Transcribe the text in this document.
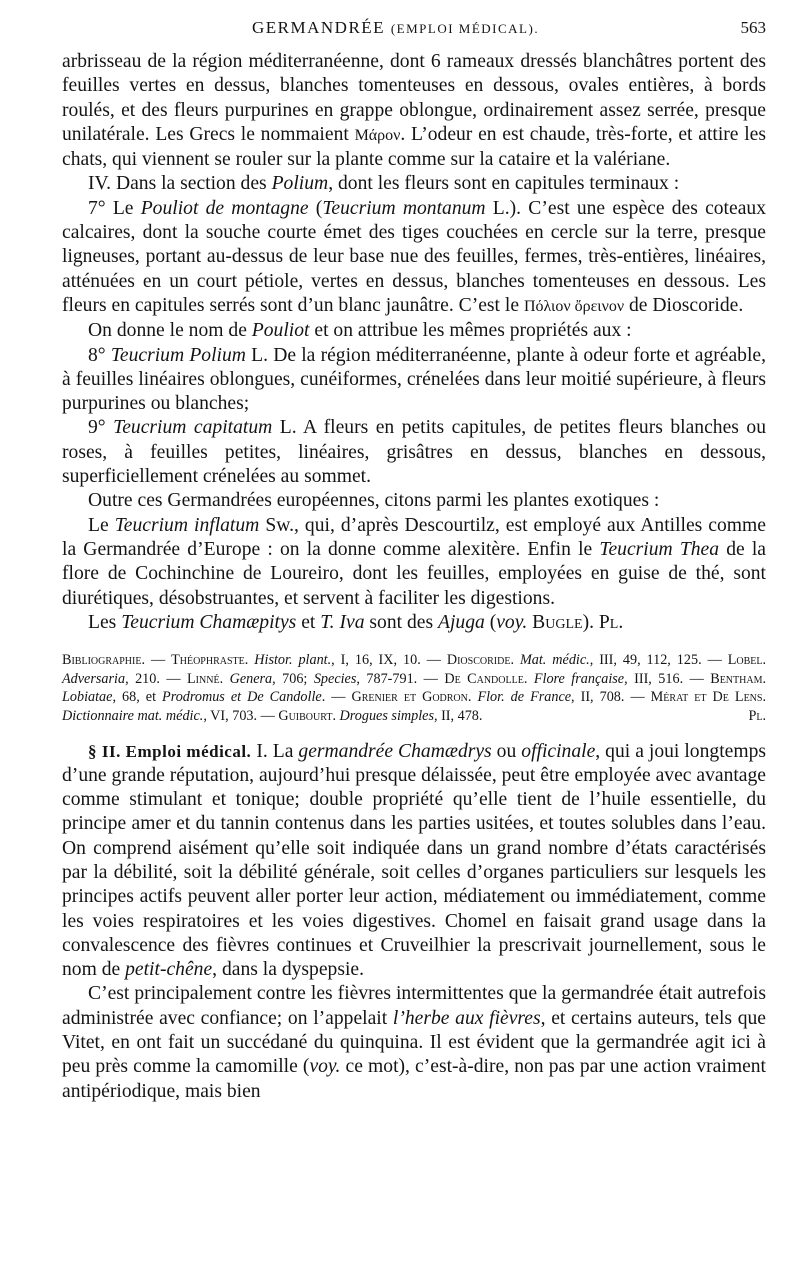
GERMANDRÉE (EMPLOI MÉDICAL).	563

arbrisseau de la région méditerranéenne, dont 6 rameaux dressés blanchâtres portent des feuilles vertes en dessus, blanches tomenteuses en dessous, ovales entières, à bords roulés, et des fleurs purpurines en grappe oblongue, ordinairement assez serrée, presque unilatérale. Les Grecs le nommaient Μάρον. L’odeur en est chaude, très-forte, et attire les chats, qui viennent se rouler sur la plante comme sur la cataire et la valériane.

IV. Dans la section des Polium, dont les fleurs sont en capitules terminaux :

7° Le Pouliot de montagne (Teucrium montanum L.). C’est une espèce des coteaux calcaires, dont la souche courte émet des tiges couchées en cercle sur la terre, presque ligneuses, portant au-dessus de leur base nue des feuilles, fermes, très-entières, linéaires, atténuées en un court pétiole, vertes en dessus, blanches tomenteuses en dessous. Les fleurs en capitules serrés sont d’un blanc jaunâtre. C’est le Πόλιον ὄρεινον de Dioscoride.

On donne le nom de Pouliot et on attribue les mêmes propriétés aux :

8° Teucrium Polium L. De la région méditerranéenne, plante à odeur forte et agréable, à feuilles linéaires oblongues, cunéiformes, crénelées dans leur moitié supérieure, à fleurs purpurines ou blanches;

9° Teucrium capitatum L. A fleurs en petits capitules, de petites fleurs blanches ou roses, à feuilles petites, linéaires, grisâtres en dessus, blanches en dessous, superficiellement crénelées au sommet.

Outre ces Germandrées européennes, citons parmi les plantes exotiques :

Le Teucrium inflatum Sw., qui, d’après Descourtilz, est employé aux Antilles comme la Germandrée d’Europe : on la donne comme alexitère. Enfin le Teucrium Thea de la flore de Cochinchine de Loureiro, dont les feuilles, employées en guise de thé, sont diurétiques, désobstruantes, et servent à faciliter les digestions.

Les Teucrium Chamæpitys et T. Iva sont des Ajuga (voy. Bugle). Pl.

Bibliographie. — Théophraste. Histor. plant., I, 16, IX, 10. — Dioscoride. Mat. médic., III, 49, 112, 125. — Lobel. Adversaria, 210. — Linné. Genera, 706; Species, 787-791. — De Candolle. Flore française, III, 516. — Bentham. Lobiatae, 68, et Prodromus et De Candolle. — Grenier et Godron. Flor. de France, II, 708. — Mérat et De Lens. Dictionnaire mat. médic., VI, 703. — Guibourt. Drogues simples, II, 478.	Pl.

§ II. Emploi médical. I. La germandrée Chamædrys ou officinale, qui a joui longtemps d’une grande réputation, aujourd’hui presque délaissée, peut être employée avec avantage comme stimulant et tonique; double propriété qu’elle tient de l’huile essentielle, du principe amer et du tannin contenus dans les parties usitées, et toutes solubles dans l’eau. On comprend aisément qu’elle soit indiquée dans un grand nombre d’états caractérisés par la débilité, soit la débilité générale, soit celles d’organes particuliers sur lesquels les principes actifs peuvent aller porter leur action, médiatement ou immédiatement, comme les voies respiratoires et les voies digestives. Chomel en faisait grand usage dans la convalescence des fièvres continues et Cruveilhier la prescrivait journellement, sous le nom de petit-chêne, dans la dyspepsie.

C’est principalement contre les fièvres intermittentes que la germandrée était autrefois administrée avec confiance; on l’appelait l’herbe aux fièvres, et certains auteurs, tels que Vitet, en ont fait un succédané du quinquina. Il est évident que la germandrée agit ici à peu près comme la camomille (voy. ce mot), c’est-à-dire, non pas par une action vraiment antipériodique, mais bien
